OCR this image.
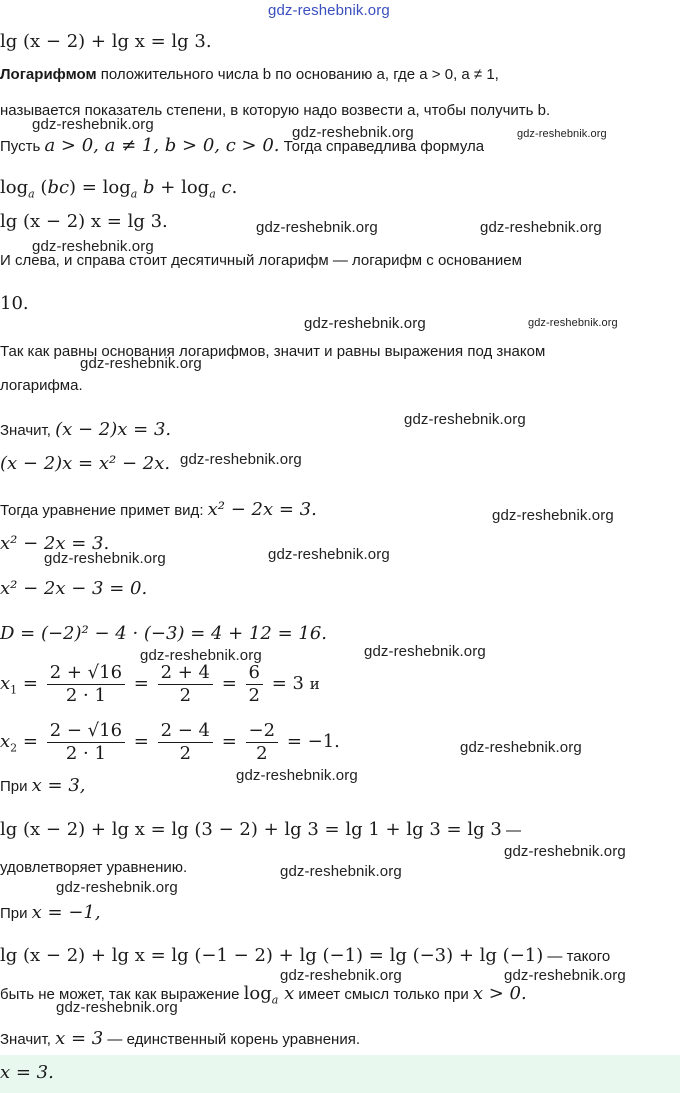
gdz-reshebnik.org
lg (x − 2) + lg x = lg 3.
Логарифмом положительного числа b по основанию a, где a > 0, a ≠ 1,
называется показатель степени, в которую надо возвести a, чтобы получить b.
gdz-reshebnik.org	gdz-reshebnik.org	gdz-reshebnik.org
Пусть a > 0, a ≠ 1, b > 0, c > 0. Тогда справедлива формула
$\log_a (bc) = \log_a b + \log_a c$.
lg (x − 2) x = lg 3.	gdz-reshebnik.org	gdz-reshebnik.org
gdz-reshebnik.org
И слева, и справа стоит десятичный логарифм — логарифм с основанием
10.
gdz-reshebnik.org	gdz-reshebnik.org
Так как равны основания логарифмов, значит и равны выражения под знаком
gdz-reshebnik.org
логарифма.
gdz-reshebnik.org
Значит, (x − 2)x = 3.
(x − 2)x = x² − 2x. gdz-reshebnik.org
Тогда уравнение примет вид: x² − 2x = 3.	gdz-reshebnik.org
x² − 2x = 3.
gdz-reshebnik.org	gdz-reshebnik.org
x² − 2x − 3 = 0.
D = (−2)² − 4 · (−3) = 4 + 12 = 16.
gdz-reshebnik.org	gdz-reshebnik.org
$x_1 = \frac{2 + √16}{2 \cdot 1} = \frac{2 + 4}{2} = \frac{6}{2} = 3$ и
$x_2 = \frac{2 - √16}{2 \cdot 1} = \frac{2 - 4}{2} = \frac{-2}{2} = -1$.	gdz-reshebnik.org
gdz-reshebnik.org
При x = 3,
lg (x − 2) + lg x = lg (3 − 2) + lg 3 = lg 1 + lg 3 = lg 3 —
gdz-reshebnik.org
удовлетворяет уравнению.	gdz-reshebnik.org
gdz-reshebnik.org
При x = −1,
lg (x − 2) + lg x = lg (−1 − 2) + lg (−1) = lg (−3) + lg (−1) — такого
gdz-reshebnik.org	gdz-reshebnik.org
быть не может, так как выражение $\log_a x$ имеет смысл только при x > 0.
gdz-reshebnik.org
Значит, x = 3 — единственный корень уравнения.
x = 3.
